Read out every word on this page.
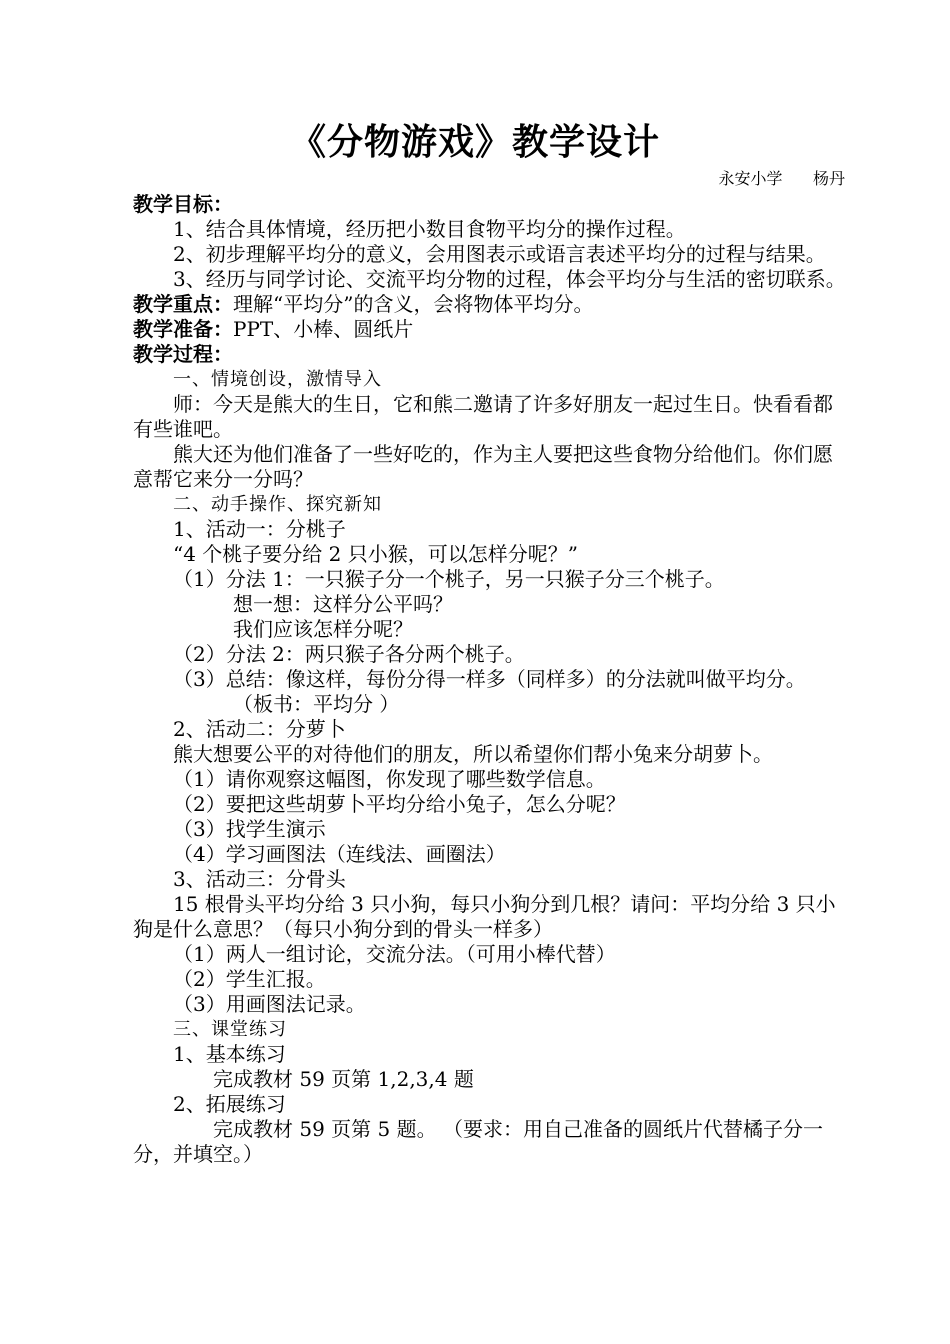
《分物游戏》教学设计
永安小学      杨丹

教学目标：

1、结合具体情境，经历把小数目食物平均分的操作过程。

2、初步理解平均分的意义，会用图表示或语言表述平均分的过程与结果。

3、经历与同学讨论、交流平均分物的过程，体会平均分与生活的密切联系。

教学重点：理解“平均分”的含义，会将物体平均分。

教学准备：PPT、小棒、圆纸片

教学过程：

一、情境创设，激情导入

师：今天是熊大的生日，它和熊二邀请了许多好朋友一起过生日。快看看都有些谁吧。

熊大还为他们准备了一些好吃的，作为主人要把这些食物分给他们。你们愿意帮它来分一分吗？

二、动手操作、探究新知

1、活动一：分桃子

“4 个桃子要分给 2 只小猴，可以怎样分呢？”

（1）分法 1：一只猴子分一个桃子，另一只猴子分三个桃子。

想一想：这样分公平吗？

我们应该怎样分呢？

（2）分法 2：两只猴子各分两个桃子。

（3）总结：像这样，每份分得一样多（同样多）的分法就叫做平均分。

（板书：平均分 ）

2、活动二：分萝卜

熊大想要公平的对待他们的朋友，所以希望你们帮小兔来分胡萝卜。

（1）请你观察这幅图，你发现了哪些数学信息。

（2）要把这些胡萝卜平均分给小兔子，怎么分呢？

（3）找学生演示

（4）学习画图法（连线法、画圈法）

3、活动三：分骨头

15 根骨头平均分给 3 只小狗，每只小狗分到几根？请问：平均分给 3 只小狗是什么意思？（每只小狗分到的骨头一样多）

（1）两人一组讨论，交流分法。（可用小棒代替）

（2）学生汇报。

（3）用画图法记录。

三、课堂练习

1、基本练习

完成教材 59 页第 1,2,3,4 题

2、拓展练习

完成教材 59 页第 5 题。 （要求：用自己准备的圆纸片代替橘子分一分，并填空。）
